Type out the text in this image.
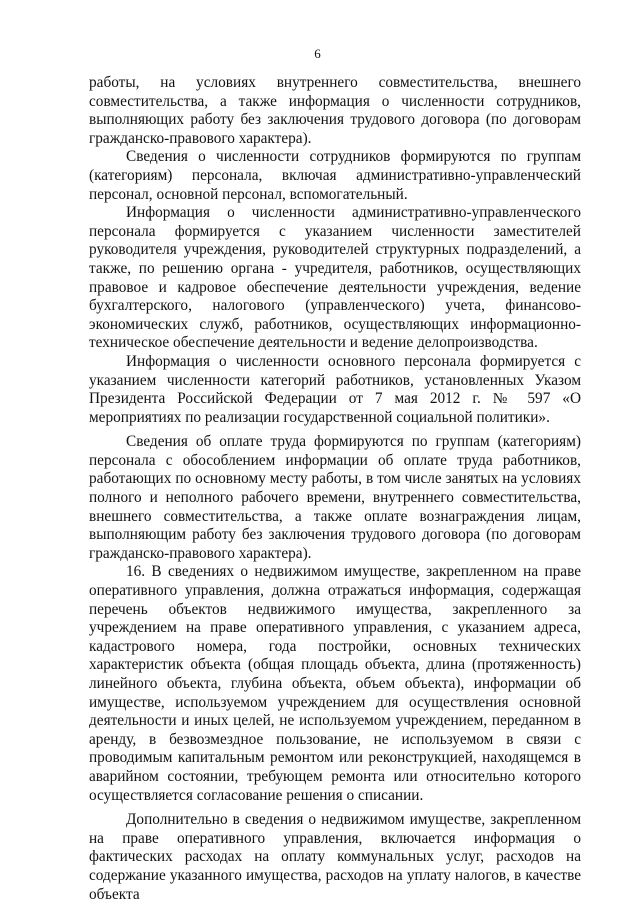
6

работы, на условиях внутреннего совместительства, внешнего совместительства, а также информация о численности сотрудников, выполняющих работу без заключения трудового договора (по договорам гражданско-правового характера).

Сведения о численности сотрудников формируются по группам (категориям) персонала, включая административно-управленческий персонал, основной персонал, вспомогательный.

Информация о численности административно-управленческого персонала формируется с указанием численности заместителей руководителя учреждения, руководителей структурных подразделений, а также, по решению органа - учредителя, работников, осуществляющих правовое и кадровое обеспечение деятельности учреждения, ведение бухгалтерского, налогового (управленческого) учета, финансово-экономических служб, работников, осуществляющих информационно-техническое обеспечение деятельности и ведение делопроизводства.

Информация о численности основного персонала формируется с указанием численности категорий работников, установленных Указом Президента Российской Федерации от 7 мая 2012 г. № 597 «О мероприятиях по реализации государственной социальной политики».

Сведения об оплате труда формируются по группам (категориям) персонала с обособлением информации об оплате труда работников, работающих по основному месту работы, в том числе занятых на условиях полного и неполного рабочего времени, внутреннего совместительства, внешнего совместительства, а также оплате вознаграждения лицам, выполняющим работу без заключения трудового договора (по договорам гражданско-правового характера).

16. В сведениях о недвижимом имуществе, закрепленном на праве оперативного управления, должна отражаться информация, содержащая перечень объектов недвижимого имущества, закрепленного за учреждением на праве оперативного управления, с указанием адреса, кадастрового номера, года постройки, основных технических характеристик объекта (общая площадь объекта, длина (протяженность) линейного объекта, глубина объекта, объем объекта), информации об имуществе, используемом учреждением для осуществления основной деятельности и иных целей, не используемом учреждением, переданном в аренду, в безвозмездное пользование, не используемом в связи с проводимым капитальным ремонтом или реконструкцией, находящемся в аварийном состоянии, требующем ремонта или относительно которого осуществляется согласование решения о списании.

Дополнительно в сведения о недвижимом имуществе, закрепленном на праве оперативного управления, включается информация о фактических расходах на оплату коммунальных услуг, расходов на содержание указанного имущества, расходов на уплату налогов, в качестве объекта
